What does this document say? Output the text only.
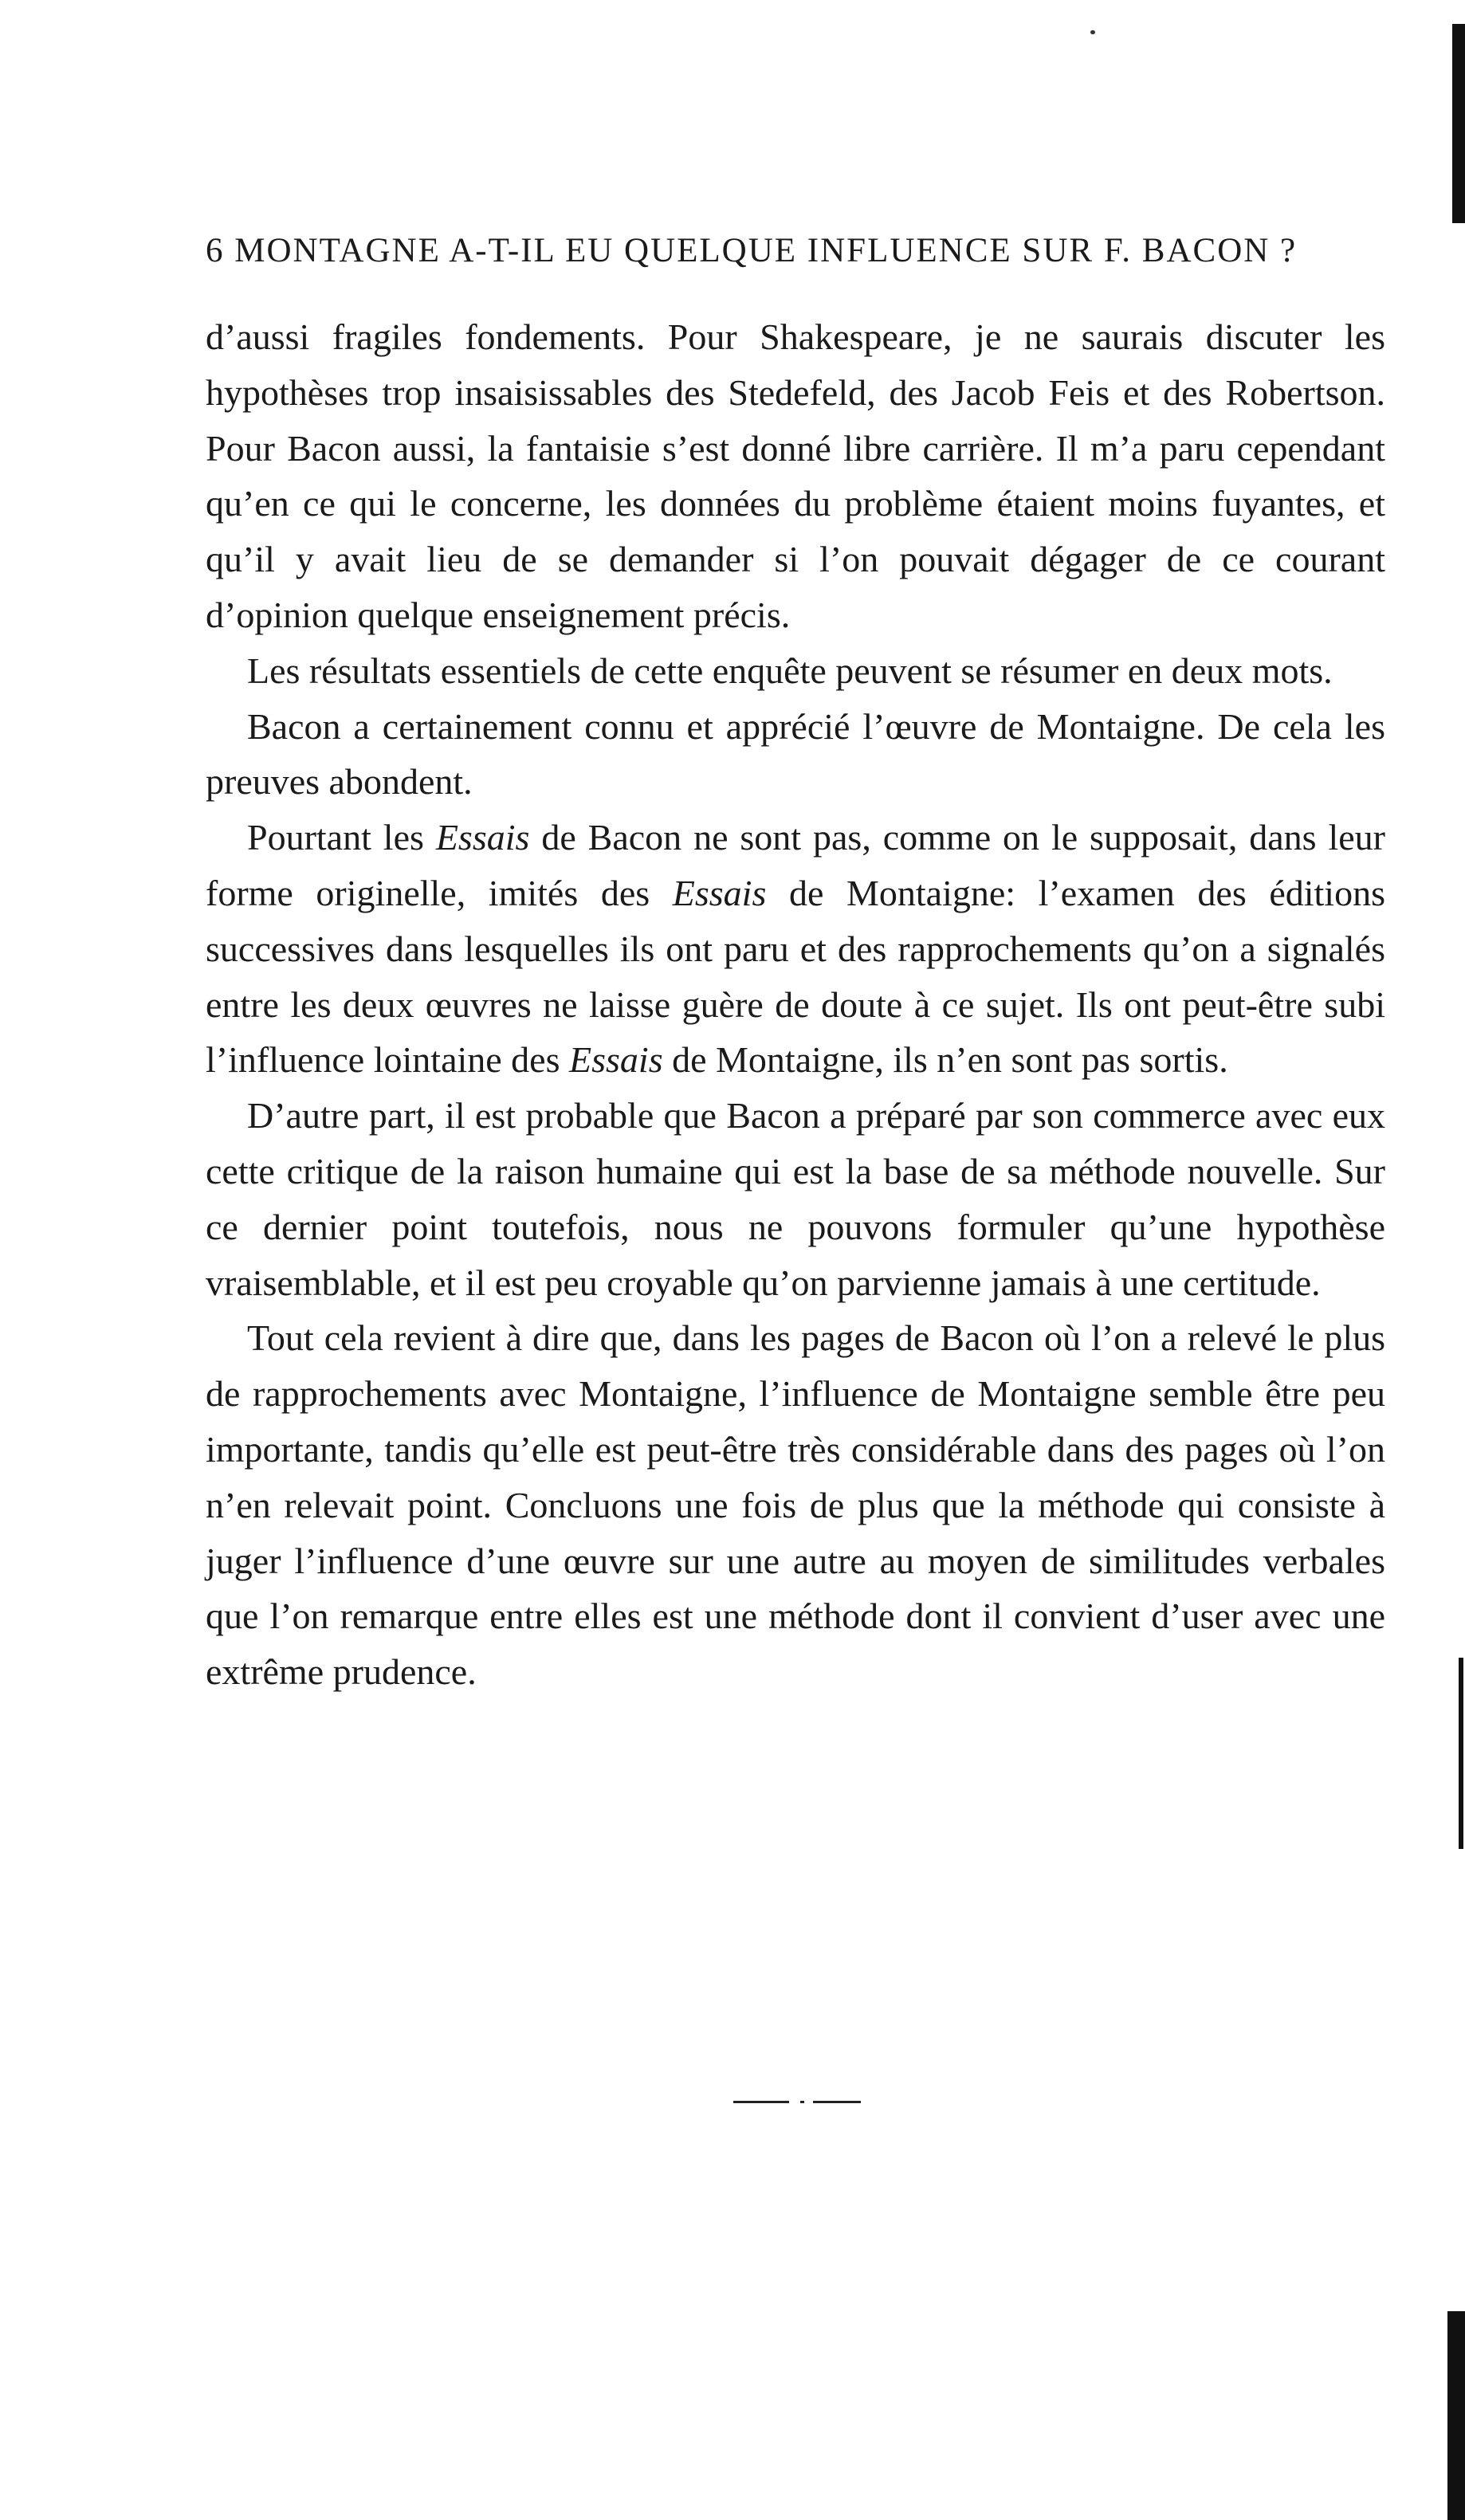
6 MONTAGNE A-T-IL EU QUELQUE INFLUENCE SUR F. BACON ?

d’aussi fragiles fondements. Pour Shakespeare, je ne saurais discuter les hypothèses trop insaisissables des Stedefeld, des Jacob Feis et des Robertson. Pour Bacon aussi, la fantaisie s’est donné libre carrière. Il m’a paru cependant qu’en ce qui le concerne, les données du problème étaient moins fuyantes, et qu’il y avait lieu de se demander si l’on pouvait dégager de ce courant d’opinion quelque enseignement précis.

Les résultats essentiels de cette enquête peuvent se résumer en deux mots.

Bacon a certainement connu et apprécié l’œuvre de Montaigne. De cela les preuves abondent.

Pourtant les Essais de Bacon ne sont pas, comme on le supposait, dans leur forme originelle, imités des Essais de Montaigne: l’examen des éditions successives dans lesquelles ils ont paru et des rapprochements qu’on a signalés entre les deux œuvres ne laisse guère de doute à ce sujet. Ils ont peut-être subi l’influence lointaine des Essais de Montaigne, ils n’en sont pas sortis.

D’autre part, il est probable que Bacon a préparé par son commerce avec eux cette critique de la raison humaine qui est la base de sa méthode nouvelle. Sur ce dernier point toutefois, nous ne pouvons formuler qu’une hypothèse vraisemblable, et il est peu croyable qu’on parvienne jamais à une certitude.

Tout cela revient à dire que, dans les pages de Bacon où l’on a relevé le plus de rapprochements avec Montaigne, l’influence de Montaigne semble être peu importante, tandis qu’elle est peut-être très considérable dans des pages où l’on n’en relevait point. Concluons une fois de plus que la méthode qui consiste à juger l’influence d’une œuvre sur une autre au moyen de similitudes verbales que l’on remarque entre elles est une méthode dont il convient d’user avec une extrême prudence.
